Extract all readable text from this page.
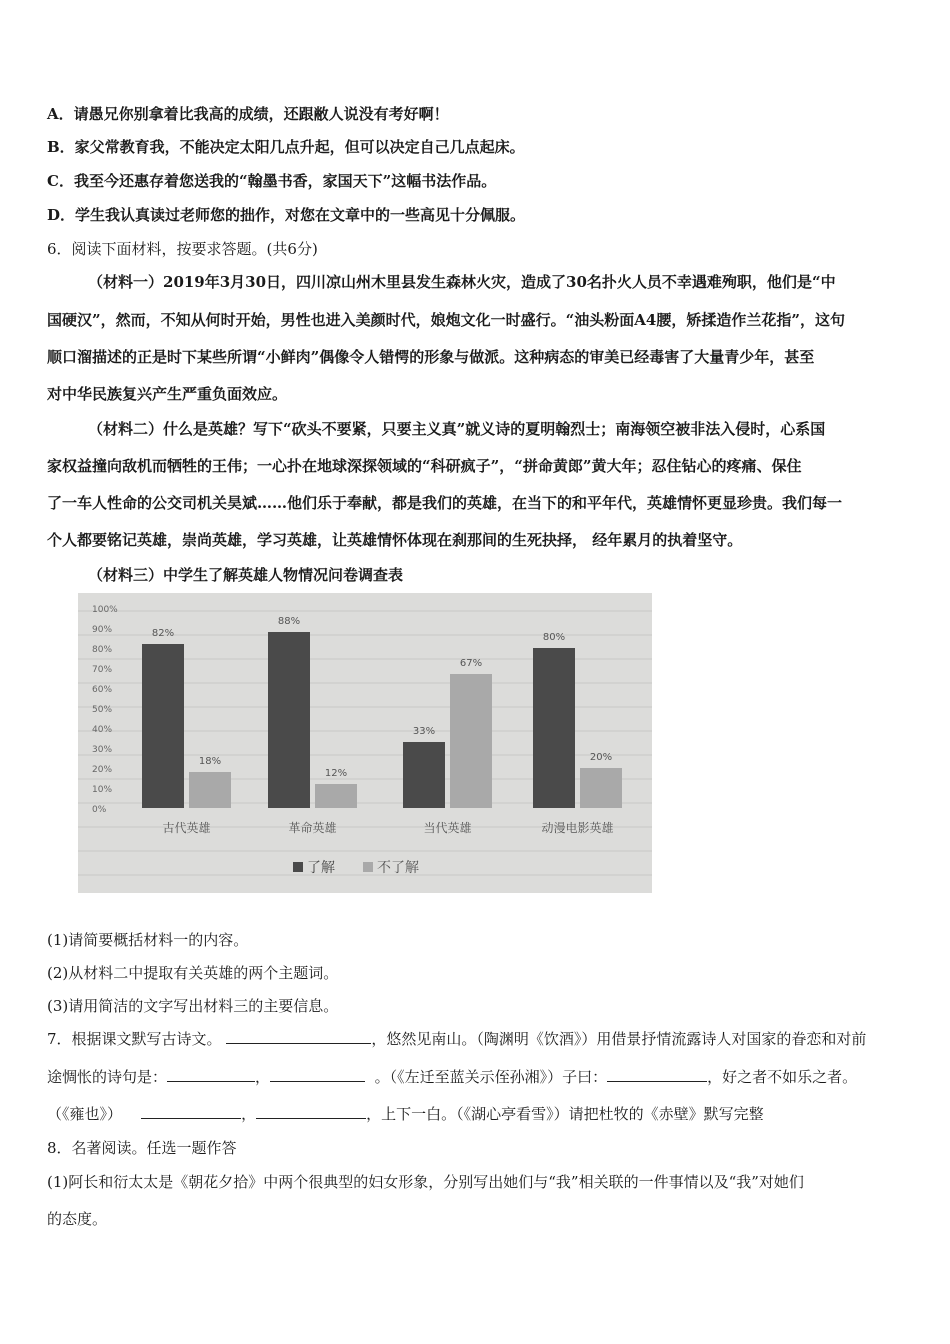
A．请愚兄你别拿着比我高的成绩，还跟敝人说没有考好啊！
B．家父常教育我，不能决定太阳几点升起，但可以决定自己几点起床。
C．我至今还惠存着您送我的“翰墨书香，家国天下”这幅书法作品。
D．学生我认真读过老师您的拙作，对您在文章中的一些高见十分佩服。
6．阅读下面材料，按要求答题。(共6分)
（材料一）2019年3月30日，四川凉山州木里县发生森林火灾，造成了30名扑火人员不幸遇难殉职，他们是“中
国硬汉”，然而，不知从何时开始，男性也进入美颜时代，娘炮文化一时盛行。“油头粉面A4腰，矫揉造作兰花指”，这句
顺口溜描述的正是时下某些所谓“小鲜肉”偶像令人错愕的形象与做派。这种病态的审美已经毒害了大量青少年，甚至
对中华民族复兴产生严重负面效应。
（材料二）什么是英雄？写下“砍头不要紧，只要主义真”就义诗的夏明翰烈士；南海领空被非法入侵时，心系国
家权益撞向敌机而牺牲的王伟；一心扑在地球深探领域的“科研疯子”，“拼命黄郎”黄大年；忍住钻心的疼痛、保住
了一车人性命的公交司机关昊斌……他们乐于奉献，都是我们的英雄，在当下的和平年代，英雄情怀更显珍贵。我们每一
个人都要铭记英雄，崇尚英雄，学习英雄，让英雄情怀体现在刹那间的生死抉择， 经年累月的执着坚守。
（材料三）中学生了解英雄人物情况问卷调查表
100%
90%
80%
70%
60%
50%
40%
30%
20%
10%
0%
82%
18%
古代英雄
88%
12%
革命英雄
33%
67%
当代英雄
80%
20%
动漫电影英雄
了解	不了解
(1)请简要概括材料一的内容。
(2)从材料二中提取有关英雄的两个主题词。
(3)请用简洁的文字写出材料三的主要信息。
7．根据课文默写古诗文。	，悠然见南山。（陶渊明《饮酒》）用借景抒情流露诗人对国家的眷恋和对前
途惆怅的诗句是：	，	。（《左迁至蓝关示侄孙湘》）子曰：	，好之者不如乐之者。
（《雍也》）	，	，上下一白。（《湖心亭看雪》）请把杜牧的《赤壁》默写完整
8．名著阅读。任选一题作答
(1)阿长和衍太太是《朝花夕拾》中两个很典型的妇女形象，分别写出她们与“我”相关联的一件事情以及“我”对她们
的态度。
